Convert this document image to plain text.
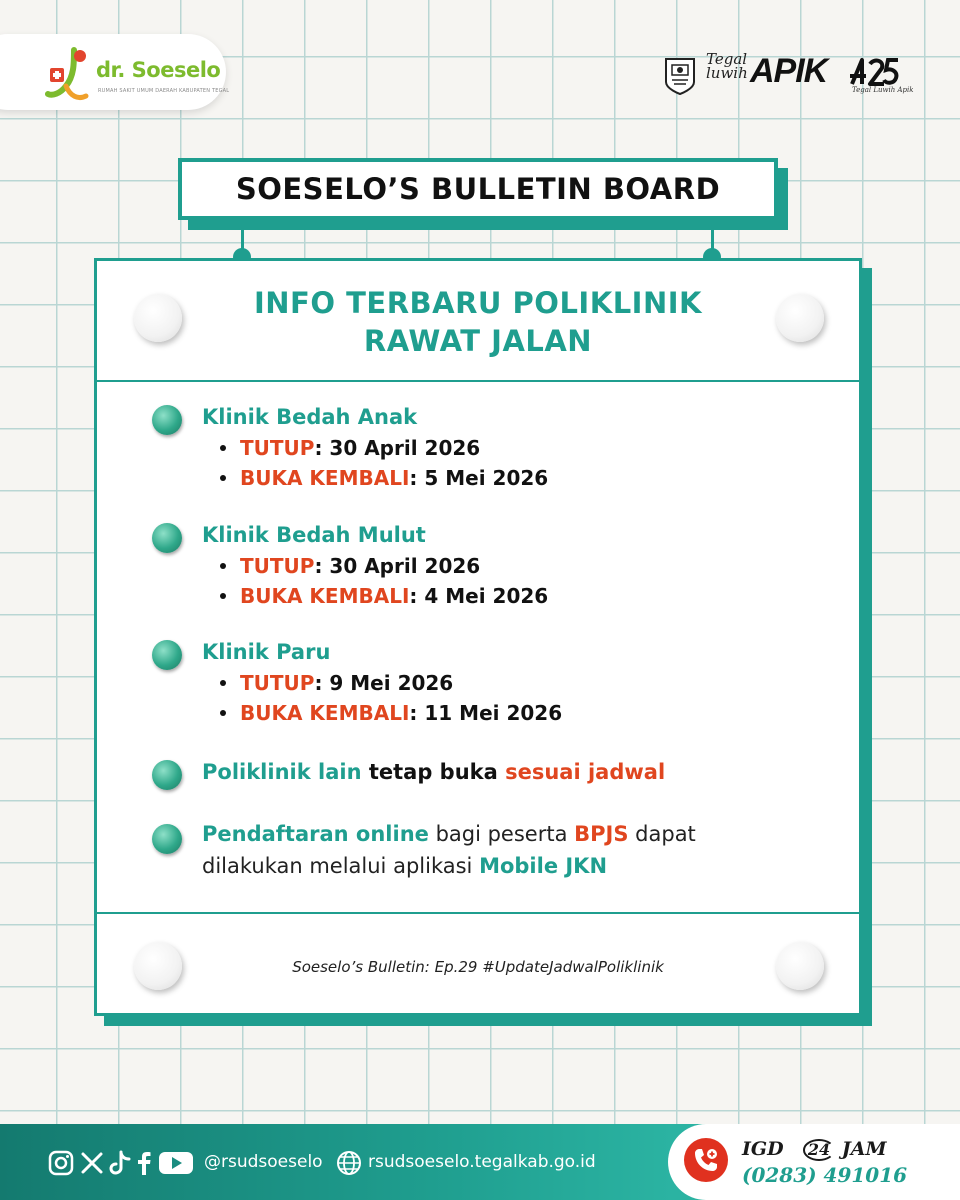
dr. Soeselo
RUMAH SAKIT UMUM DAERAH KABUPATEN TEGAL
Tegal
luwih APIK	Tegal Luwih Apik
SOESELO’S BULLETIN BOARD
INFO TERBARU POLIKLINIK
RAWAT JALAN
Klinik Bedah Anak
TUTUP: 30 April 2026
BUKA KEMBALI: 5 Mei 2026
Klinik Bedah Mulut
TUTUP: 30 April 2026
BUKA KEMBALI: 4 Mei 2026
Klinik Paru
TUTUP: 9 Mei 2026
BUKA KEMBALI: 11 Mei 2026
Poliklinik lain tetap buka sesuai jadwal
Pendaftaran online bagi peserta BPJS dapat
dilakukan melalui aplikasi Mobile JKN
Soeselo’s Bulletin: Ep.29 #UpdateJadwalPoliklinik
@rsudsoeselo	rsudsoeselo.tegalkab.go.id
IGD 24 JAM
(0283) 491016
